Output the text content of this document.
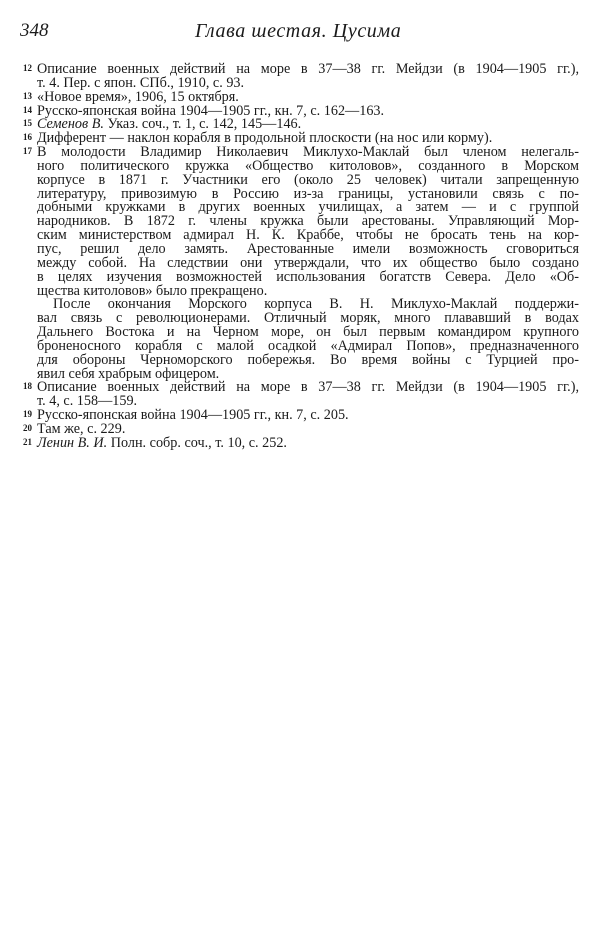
348	Глава шестая. Цусима
12 Описание военных действий на море в 37—38 гг. Мейдзи (в 1904—1905 гг.),
т. 4. Пер. с япон. СПб., 1910, с. 93.
13 «Новое время», 1906, 15 октября.
14 Русско-японская война 1904—1905 гг., кн. 7, с. 162—163.
15 Семенов В. Указ. соч., т. 1, с. 142, 145—146.
16 Дифферент — наклон корабля в продольной плоскости (на нос или корму).
17 В молодости Владимир Николаевич Миклухо-Маклай был членом нелегаль-
ного политического кружка «Общество китоловов», созданного в Морском
корпусе в 1871 г. Участники его (около 25 человек) читали запрещенную
литературу, привозимую в Россию из-за границы, установили связь с по-
добными кружками в других военных училищах, а затем — и с группой
народников. В 1872 г. члены кружка были арестованы. Управляющий Мор-
ским министерством адмирал Н. К. Краббе, чтобы не бросать тень на кор-
пус, решил дело замять. Арестованные имели возможность сговориться
между собой. На следствии они утверждали, что их общество было создано
в целях изучения возможностей использования богатств Севера. Дело «Об-
щества китоловов» было прекращено.
После окончания Морского корпуса В. Н. Миклухо-Маклай поддержи-
вал связь с революционерами. Отличный моряк, много плававший в водах
Дальнего Востока и на Черном море, он был первым командиром крупного
броненосного корабля с малой осадкой «Адмирал Попов», предназначенного
для обороны Черноморского побережья. Во время войны с Турцией про-
явил себя храбрым офицером.
18 Описание военных действий на море в 37—38 гг. Мейдзи (в 1904—1905 гг.),
т. 4, с. 158—159.
19 Русско-японская война 1904—1905 гг., кн. 7, с. 205.
20 Там же, с. 229.
21 Ленин В. И. Полн. собр. соч., т. 10, с. 252.
